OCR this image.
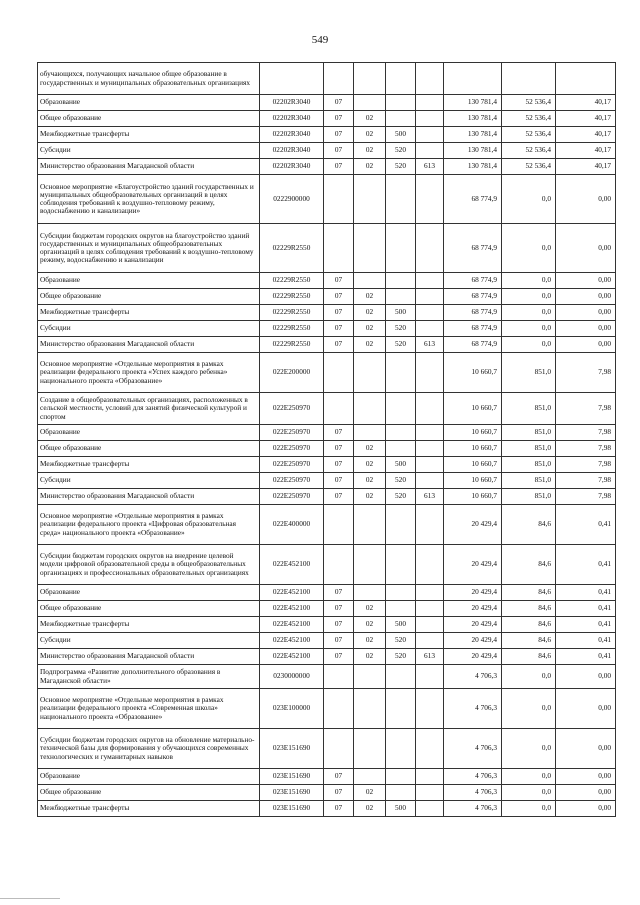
549
обучающихся, получающих начальное общее образование в государственных и муниципальных образовательных организациях								
Образование	02202R3040	07				130 781,4	52 536,4	40,17
Общее образование	02202R3040	07	02			130 781,4	52 536,4	40,17
Межбюджетные трансферты	02202R3040	07	02	500		130 781,4	52 536,4	40,17
Субсидии	02202R3040	07	02	520		130 781,4	52 536,4	40,17
Министерство образования Магаданской области	02202R3040	07	02	520	613	130 781,4	52 536,4	40,17
Основное мероприятие «Благоустройство зданий государственных и муниципальных общеобразовательных организаций в целях соблюдения требований к воздушно-тепловому режиму, водоснабжению и канализации»	0222900000					68 774,9	0,0	0,00
Субсидии бюджетам городских округов на благоустройство зданий государственных и муниципальных общеобразовательных организаций в целях соблюдения требований к воздушно-тепловому режиму, водоснабжению и канализации	02229R2550					68 774,9	0,0	0,00
Образование	02229R2550	07				68 774,9	0,0	0,00
Общее образование	02229R2550	07	02			68 774,9	0,0	0,00
Межбюджетные трансферты	02229R2550	07	02	500		68 774,9	0,0	0,00
Субсидии	02229R2550	07	02	520		68 774,9	0,0	0,00
Министерство образования Магаданской области	02229R2550	07	02	520	613	68 774,9	0,0	0,00
Основное мероприятие «Отдельные мероприятия в рамках реализации федерального проекта «Успех каждого ребенка» национального проекта «Образование»	022E200000					10 660,7	851,0	7,98
Создание в общеобразовательных организациях, расположенных в сельской местности, условий для занятий физической культурой и спортом	022E250970					10 660,7	851,0	7,98
Образование	022E250970	07				10 660,7	851,0	7,98
Общее образование	022E250970	07	02			10 660,7	851,0	7,98
Межбюджетные трансферты	022E250970	07	02	500		10 660,7	851,0	7,98
Субсидии	022E250970	07	02	520		10 660,7	851,0	7,98
Министерство образования Магаданской области	022E250970	07	02	520	613	10 660,7	851,0	7,98
Основное мероприятие «Отдельные мероприятия в рамках реализации федерального проекта «Цифровая образовательная среда» национального проекта «Образование»	022E400000					20 429,4	84,6	0,41
Субсидии бюджетам городских округов на внедрение целевой модели цифровой образовательной среды в общеобразовательных организациях и профессиональных образовательных организациях	022E452100					20 429,4	84,6	0,41
Образование	022E452100	07				20 429,4	84,6	0,41
Общее образование	022E452100	07	02			20 429,4	84,6	0,41
Межбюджетные трансферты	022E452100	07	02	500		20 429,4	84,6	0,41
Субсидии	022E452100	07	02	520		20 429,4	84,6	0,41
Министерство образования Магаданской области	022E452100	07	02	520	613	20 429,4	84,6	0,41
Подпрограмма «Развитие дополнительного образования в Магаданской области»	0230000000					4 706,3	0,0	0,00
Основное мероприятие «Отдельные мероприятия в рамках реализации федерального проекта «Современная школа» национального проекта «Образование»	023E100000					4 706,3	0,0	0,00
Субсидии бюджетам городских округов на обновление материально-технической базы для формирования у обучающихся современных технологических и гуманитарных навыков	023E151690					4 706,3	0,0	0,00
Образование	023E151690	07				4 706,3	0,0	0,00
Общее образование	023E151690	07	02			4 706,3	0,0	0,00
Межбюджетные трансферты	023E151690	07	02	500		4 706,3	0,0	0,00
